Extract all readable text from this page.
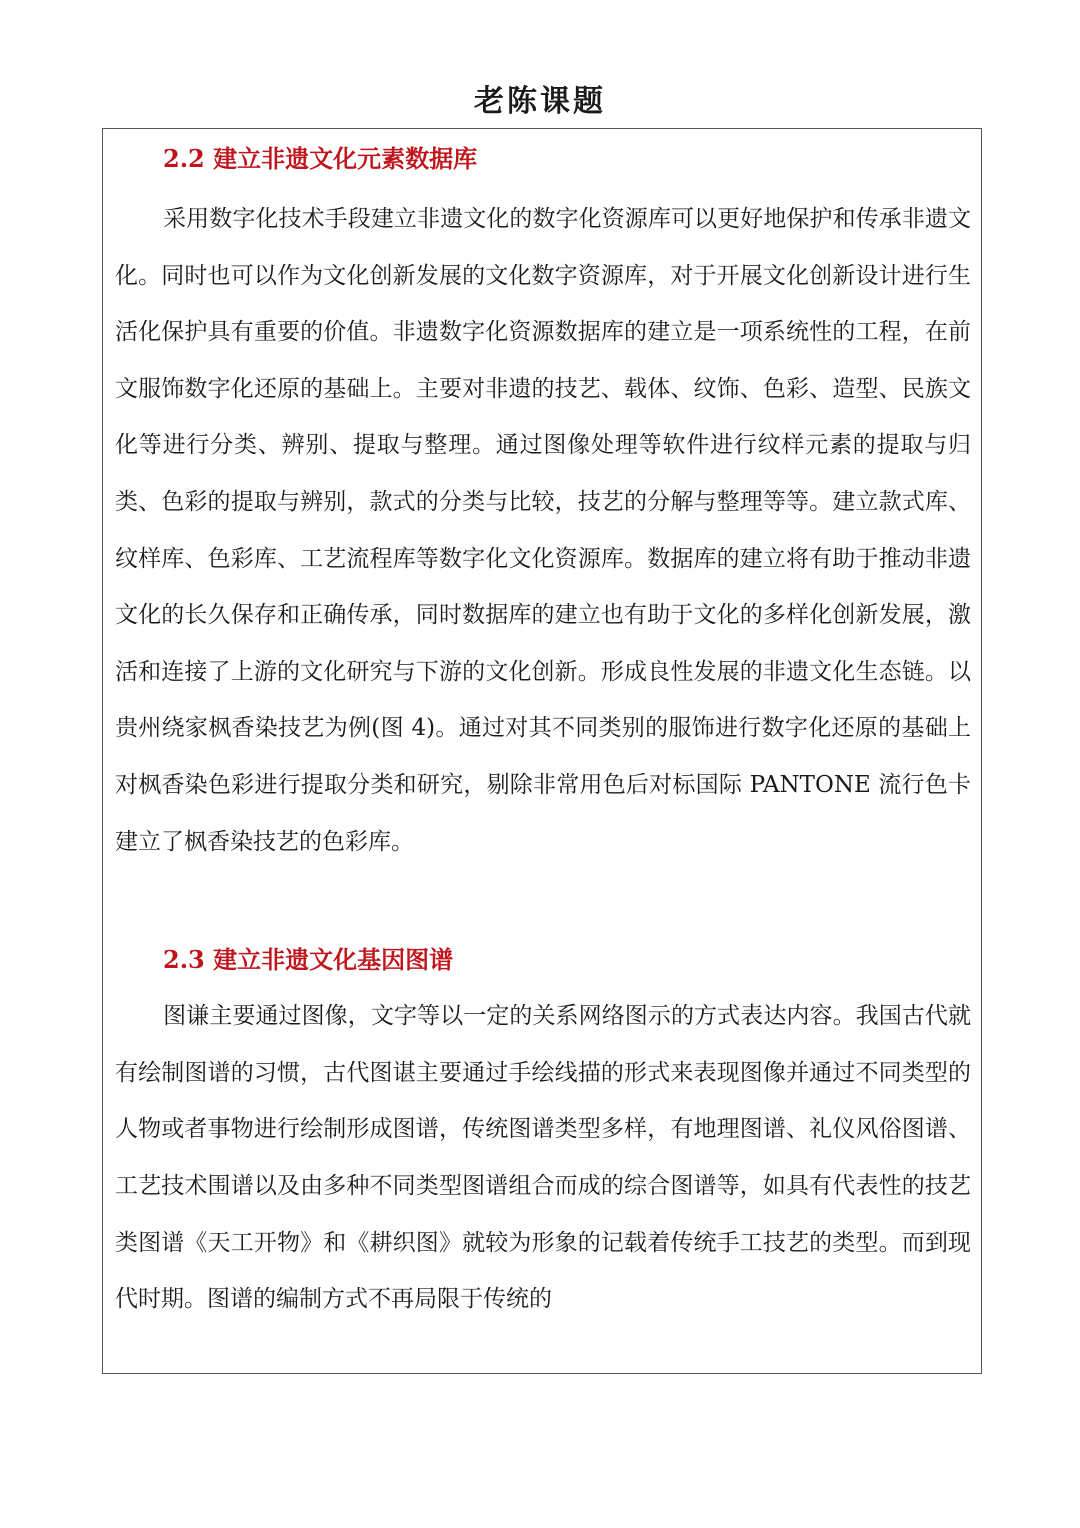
老陈课题
2.2 建立非遗文化元素数据库

采用数字化技术手段建立非遗文化的数字化资源库可以更好地保护和传承非遗文化。同时也可以作为文化创新发展的文化数字资源库，对于开展文化创新设计进行生活化保护具有重要的价值。非遗数字化资源数据库的建立是一项系统性的工程，在前文服饰数字化还原的基础上。主要对非遗的技艺、载体、纹饰、色彩、造型、民族文化等进行分类、辨别、提取与整理。通过图像处理等软件进行纹样元素的提取与归类、色彩的提取与辨别，款式的分类与比较，技艺的分解与整理等等。建立款式库、纹样库、色彩库、工艺流程库等数字化文化资源库。数据库的建立将有助于推动非遗文化的长久保存和正确传承，同时数据库的建立也有助于文化的多样化创新发展，激活和连接了上游的文化研究与下游的文化创新。形成良性发展的非遗文化生态链。以贵州绕家枫香染技艺为例(图 4)。通过对其不同类别的服饰进行数字化还原的基础上对枫香染色彩进行提取分类和研究，剔除非常用色后对标国际 PANTONE 流行色卡建立了枫香染技艺的色彩库。

2.3 建立非遗文化基因图谱

图谦主要通过图像，文字等以一定的关系网络图示的方式表达内容。我国古代就有绘制图谱的习惯，古代图谌主要通过手绘线描的形式来表现图像并通过不同类型的人物或者事物进行绘制形成图谱，传统图谱类型多样，有地理图谱、礼仪风俗图谱、工艺技术围谱以及由多种不同类型图谱组合而成的综合图谱等，如具有代表性的技艺类图谱《天工开物》和《耕织图》就较为形象的记载着传统手工技艺的类型。而到现代时期。图谱的编制方式不再局限于传统的
